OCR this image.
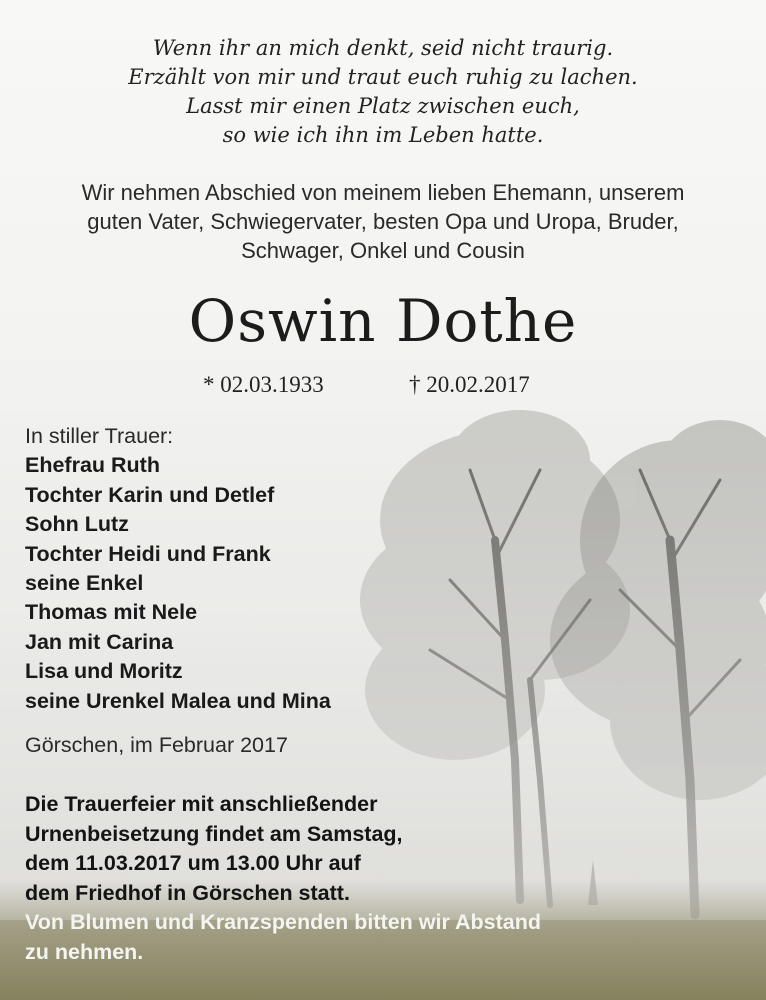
Wenn ihr an mich denkt, seid nicht traurig.
Erzählt von mir und traut euch ruhig zu lachen.
Lasst mir einen Platz zwischen euch,
so wie ich ihn im Leben hatte.
Wir nehmen Abschied von meinem lieben Ehemann, unserem
guten Vater, Schwiegervater, besten Opa und Uropa, Bruder,
Schwager, Onkel und Cousin
Oswin Dothe
* 02.03.1933	† 20.02.2017
In stiller Trauer:
Ehefrau Ruth
Tochter Karin und Detlef
Sohn Lutz
Tochter Heidi und Frank
seine Enkel
Thomas mit Nele
Jan mit Carina
Lisa und Moritz
seine Urenkel Malea und Mina
Görschen, im Februar 2017
Die Trauerfeier mit anschließender
Urnenbeisetzung findet am Samstag,
dem 11.03.2017 um 13.00 Uhr auf
dem Friedhof in Görschen statt.
Von Blumen und Kranzspenden bitten wir Abstand
zu nehmen.
